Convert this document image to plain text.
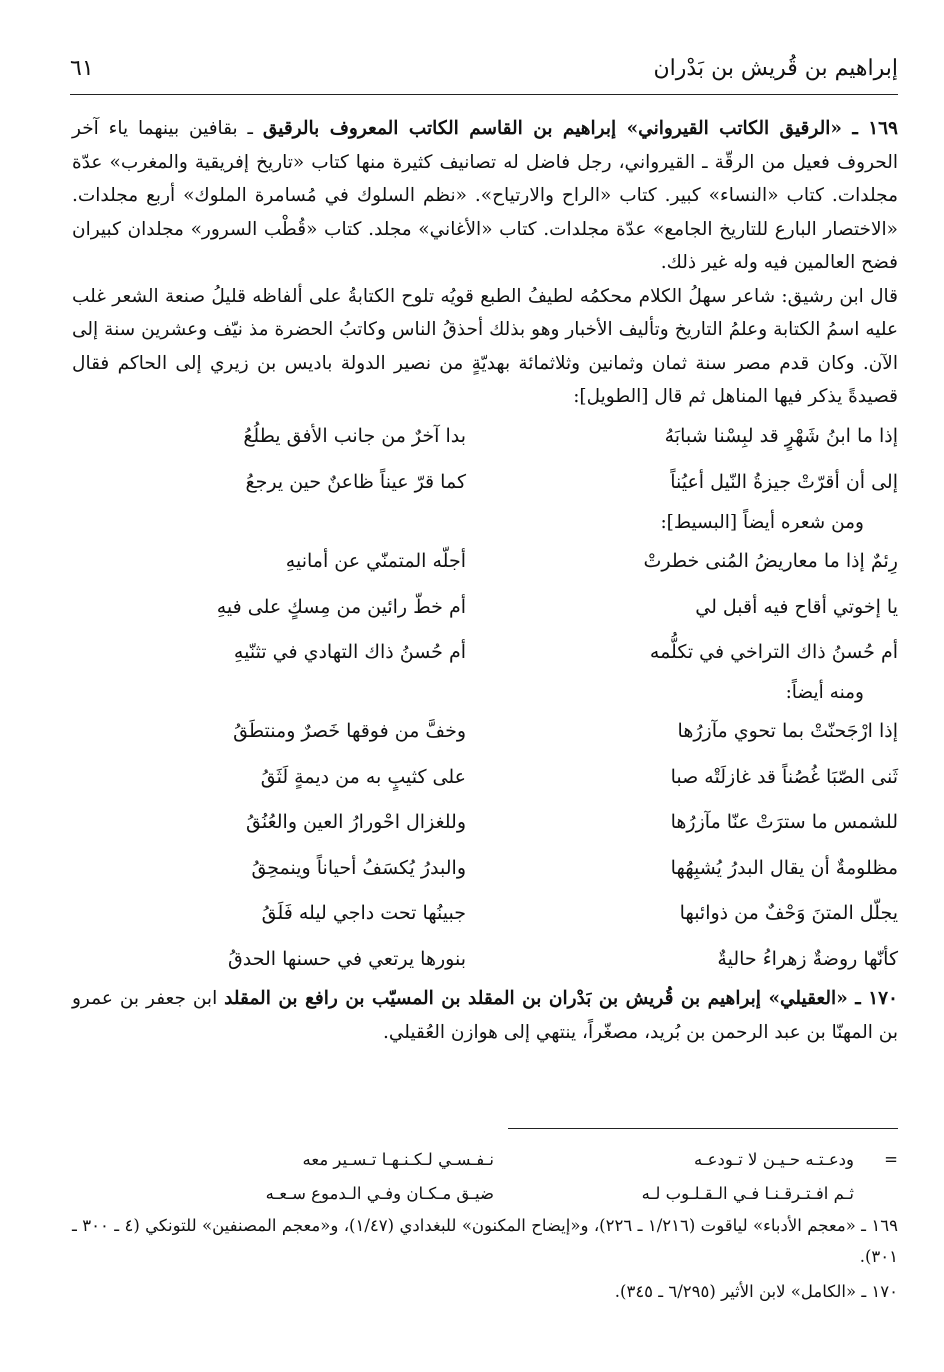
إبراهيم بن قُريش بن بَدْران
٦١

١٦٩ ـ «الرقيق الكاتب القيرواني» إبراهيم بن القاسم الكاتب المعروف بالرقيق ـ بقافين بينهما ياء آخر الحروف فعيل من الرقّة ـ القيرواني، رجل فاضل له تصانيف كثيرة منها كتاب «تاريخ إفريقية والمغرب» عدّة مجلدات. كتاب «النساء» كبير. كتاب «الراح والارتياح». «نظم السلوك في مُسامرة الملوك» أربع مجلدات. «الاختصار البارع للتاريخ الجامع» عدّة مجلدات. كتاب «الأغاني» مجلد. كتاب «قُطْب السرور» مجلدان كبيران فضح العالمين فيه وله غير ذلك.

قال ابن رشيق: شاعر سهلُ الكلام محكمُه لطيفُ الطبع قويُه تلوح الكتابةُ على ألفاظه قليلُ صنعة الشعر غلب عليه اسمُ الكتابة وعلمُ التاريخ وتأليف الأخبار وهو بذلك أحذقُ الناس وكاتبُ الحضرة مذ نيّف وعشرين سنة إلى الآن. وكان قدم مصر سنة ثمان وثمانين وثلاثمائة بهديّةٍ من نصير الدولة باديس بن زيري إلى الحاكم فقال قصيدةً يذكر فيها المناهل ثم قال [الطويل]:

إذا ما ابنُ شَهْرٍ قد لبِسْنا شبابَهُ
بدا آخرٌ من جانب الأفق يطلُعُ
إلى أن أقرّتْ جيزةُ النّيل أعيُناً
كما قرّ عيناً ظاعنٌ حين يرجعُ

ومن شعره أيضاً [البسيط]:

رِئمٌ إذا ما معاريضُ المُنى خطرتْ
أجلّه المتمنّي عن أمانيهِ
يا إخوتي أقاح فيه أقبل لي
أم خطّ رائين من مِسكٍ على فيهِ
أم حُسنُ ذاك التراخي في تكلُّمه
أم حُسنُ ذاك التهادي في تثنّيهِ

ومنه أيضاً:

إذا ارْجَحنّتْ بما تحوي مآزرُها
وخفَّ من فوقها خَصرٌ ومنتطَقُ
ثَنى الصّبَا غُصُناً قد غازلَتْه صبا
على كثيبٍ به من ديمةٍ لَثَقُ
للشمس ما سترَتْ عنّا مآزرُها
وللغزال احْورارُ العين والعُنُقُ
مظلومةٌ أن يقال البدرُ يُشبِهُها
والبدرُ يُكسَفُ أحياناً وينمحِقُ
يجلّل المتنَ وَحْفٌ من ذوائبها
جبينُها تحت داجي ليله فَلَقُ
كأنّها روضةٌ زهراءُ حاليةٌ
بنورها يرتعي في حسنها الحدقُ

١٧٠ ـ «العقيلي» إبراهيم بن قُريش بن بَدْران بن المقلد بن المسيّب بن رافع بن المقلد ابن جعفر بن عمرو بن المهنّا بن عبد الرحمن بن بُريد، مصغّراً، ينتهي إلى هوازن العُقيلي.

=
ودعـتـه حـيـن لا تـودعـه
نـفـسـي لـكـنـهـا تـسـير معه
ثـم افـتـرقـنـا فـي الـقـلـوب لـه
ضيـق مـكـان وفـي الـدموع سـعـه

١٦٩ ـ «معجم الأدباء» لياقوت (١/٢١٦ ـ ٢٢٦)، و«إيضاح المكنون» للبغدادي (١/٤٧)، و«معجم المصنفين» للتونكي (٤ ـ ٣٠٠ ـ ٣٠١).

١٧٠ ـ «الكامل» لابن الأثير (٦/٢٩٥ ـ ٣٤٥).
